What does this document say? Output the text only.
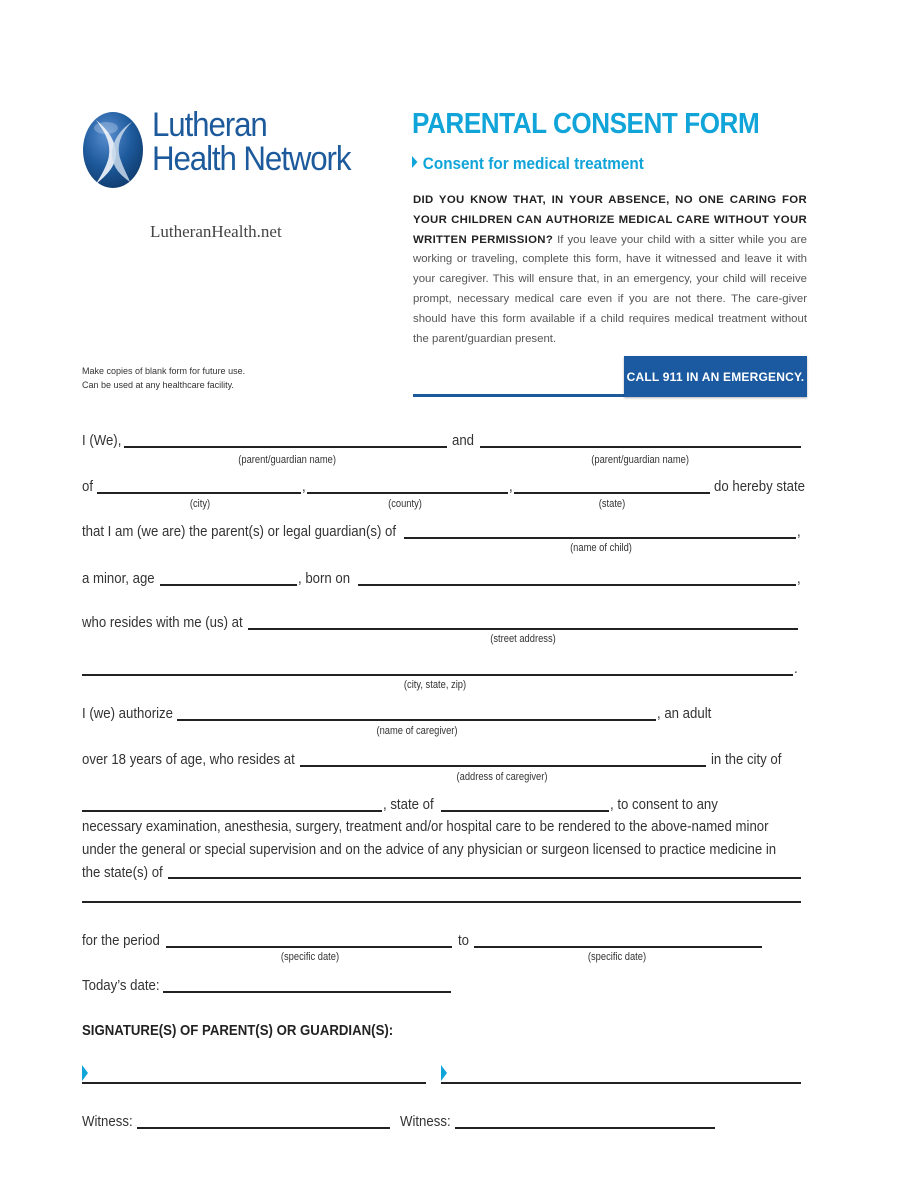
Lutheran
Health Network
LutheranHealth.net
PARENTAL CONSENT FORM
Consent for medical treatment
DID YOU KNOW THAT, IN YOUR ABSENCE, NO ONE CARING FOR YOUR CHILDREN CAN AUTHORIZE MEDICAL CARE WITHOUT YOUR WRITTEN PERMISSION? If you leave your child with a sitter while you are working or traveling, complete this form, have it witnessed and leave it with your caregiver. This will ensure that, in an emergency, your child will receive prompt, necessary medical care even if you are not there. The care-giver should have this form available if a child requires medical treatment without the parent/guardian present.
Make copies of blank form for future use.
Can be used at any healthcare facility.
CALL 911 IN AN EMERGENCY.
I (We),	and
(parent/guardian name)	(parent/guardian name)
of	,	,	do hereby state
(city)	(county)	(state)
that I am (we are) the parent(s) or legal guardian(s) of	,
(name of child)
a minor, age	, born on	,
who resides with me (us) at
(street address)
.
(city, state, zip)
I (we) authorize	, an adult
(name of caregiver)
over 18 years of age, who resides at	in the city of
(address of caregiver)
, state of	, to consent to any
necessary examination, anesthesia, surgery, treatment and/or hospital care to be rendered to the above-named minor
under the general or special supervision and on the advice of any physician or surgeon licensed to practice medicine in
the state(s) of
for the period	to
(specific date)	(specific date)
Today’s date:
SIGNATURE(S) OF PARENT(S) OR GUARDIAN(S):
Witness:	Witness:
